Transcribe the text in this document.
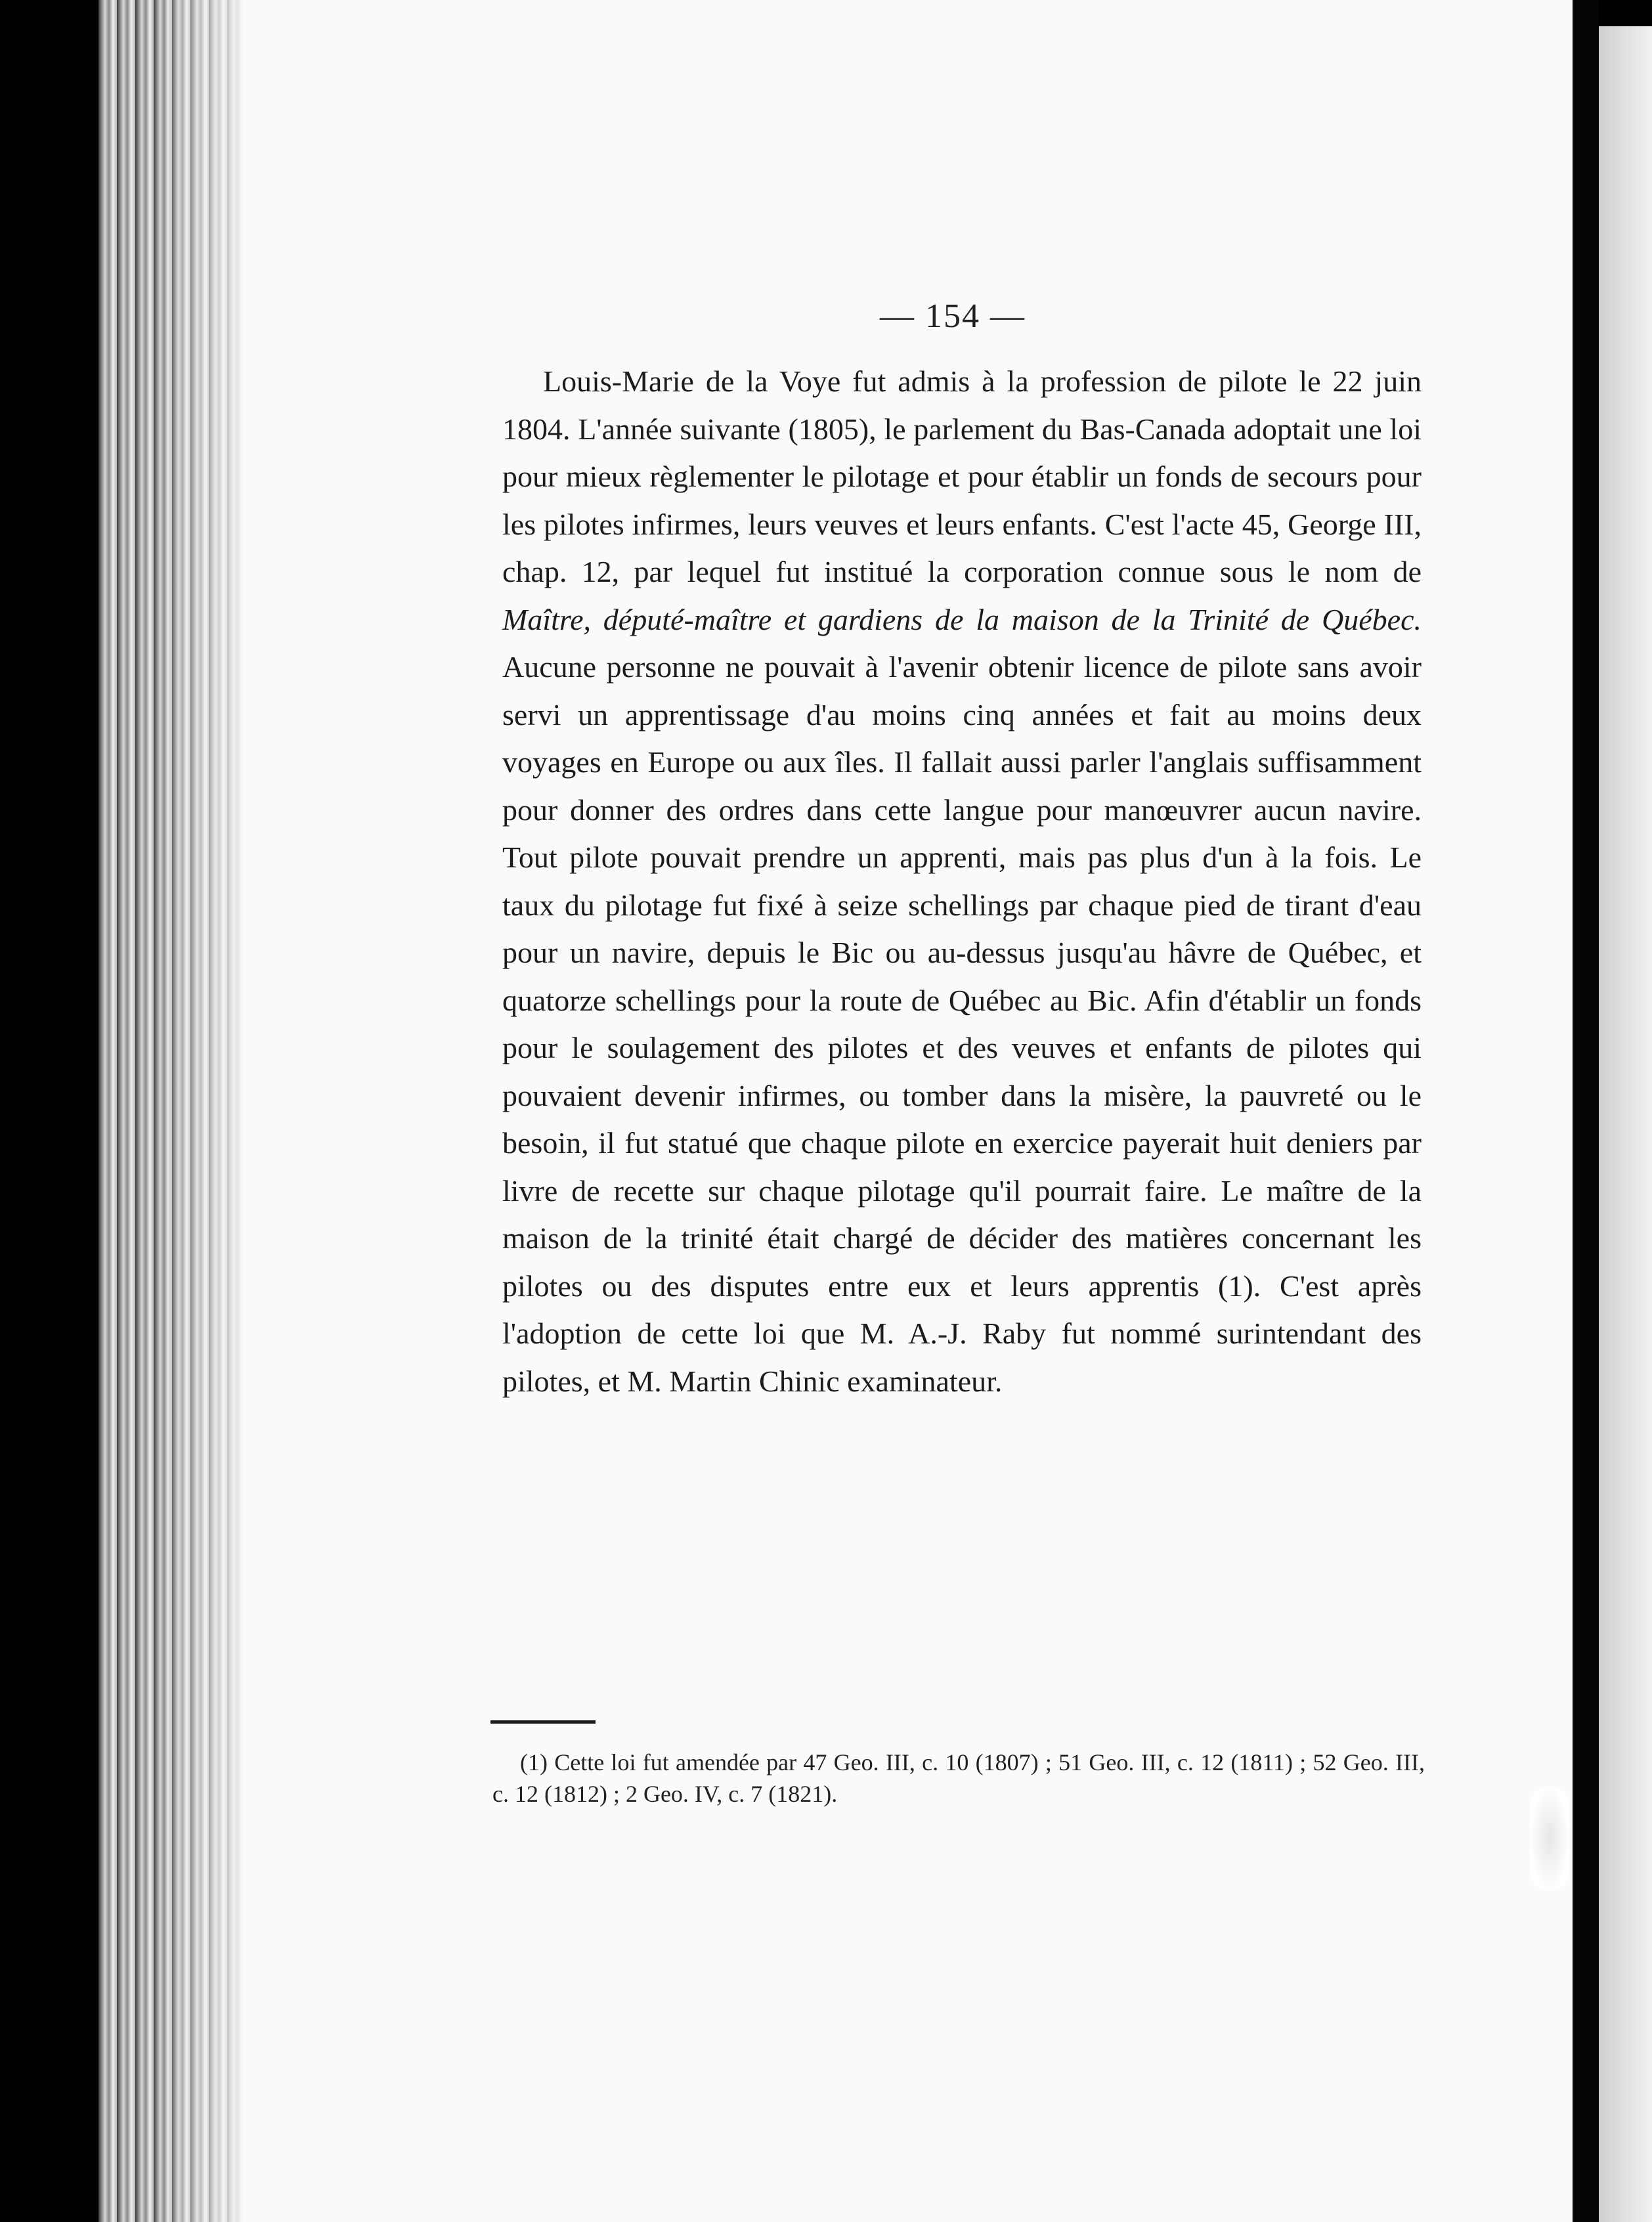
— 154 —

Louis-Marie de la Voye fut admis à la profession de pilote le 22 juin 1804. L'année suivante (1805), le parlement du Bas-Canada adoptait une loi pour mieux règlementer le pilotage et pour établir un fonds de secours pour les pilotes infirmes, leurs veuves et leurs enfants. C'est l'acte 45, George III, chap. 12, par lequel fut institué la corporation connue sous le nom de Maître, député-maître et gardiens de la maison de la Trinité de Québec. Aucune personne ne pouvait à l'avenir obtenir licence de pilote sans avoir servi un apprentissage d'au moins cinq années et fait au moins deux voyages en Europe ou aux îles. Il fallait aussi parler l'anglais suffisamment pour donner des ordres dans cette langue pour manœuvrer aucun navire. Tout pilote pouvait prendre un apprenti, mais pas plus d'un à la fois. Le taux du pilotage fut fixé à seize schellings par chaque pied de tirant d'eau pour un navire, depuis le Bic ou au-dessus jusqu'au hâvre de Québec, et quatorze schellings pour la route de Québec au Bic. Afin d'établir un fonds pour le soulagement des pilotes et des veuves et enfants de pilotes qui pouvaient devenir infirmes, ou tomber dans la misère, la pauvreté ou le besoin, il fut statué que chaque pilote en exercice payerait huit deniers par livre de recette sur chaque pilotage qu'il pourrait faire. Le maître de la maison de la trinité était chargé de décider des matières concernant les pilotes ou des disputes entre eux et leurs apprentis (1). C'est après l'adoption de cette loi que M. A.-J. Raby fut nommé surintendant des pilotes, et M. Martin Chinic examinateur.

(1) Cette loi fut amendée par 47 Geo. III, c. 10 (1807) ; 51 Geo. III, c. 12 (1811) ; 52 Geo. III, c. 12 (1812) ; 2 Geo. IV, c. 7 (1821).
